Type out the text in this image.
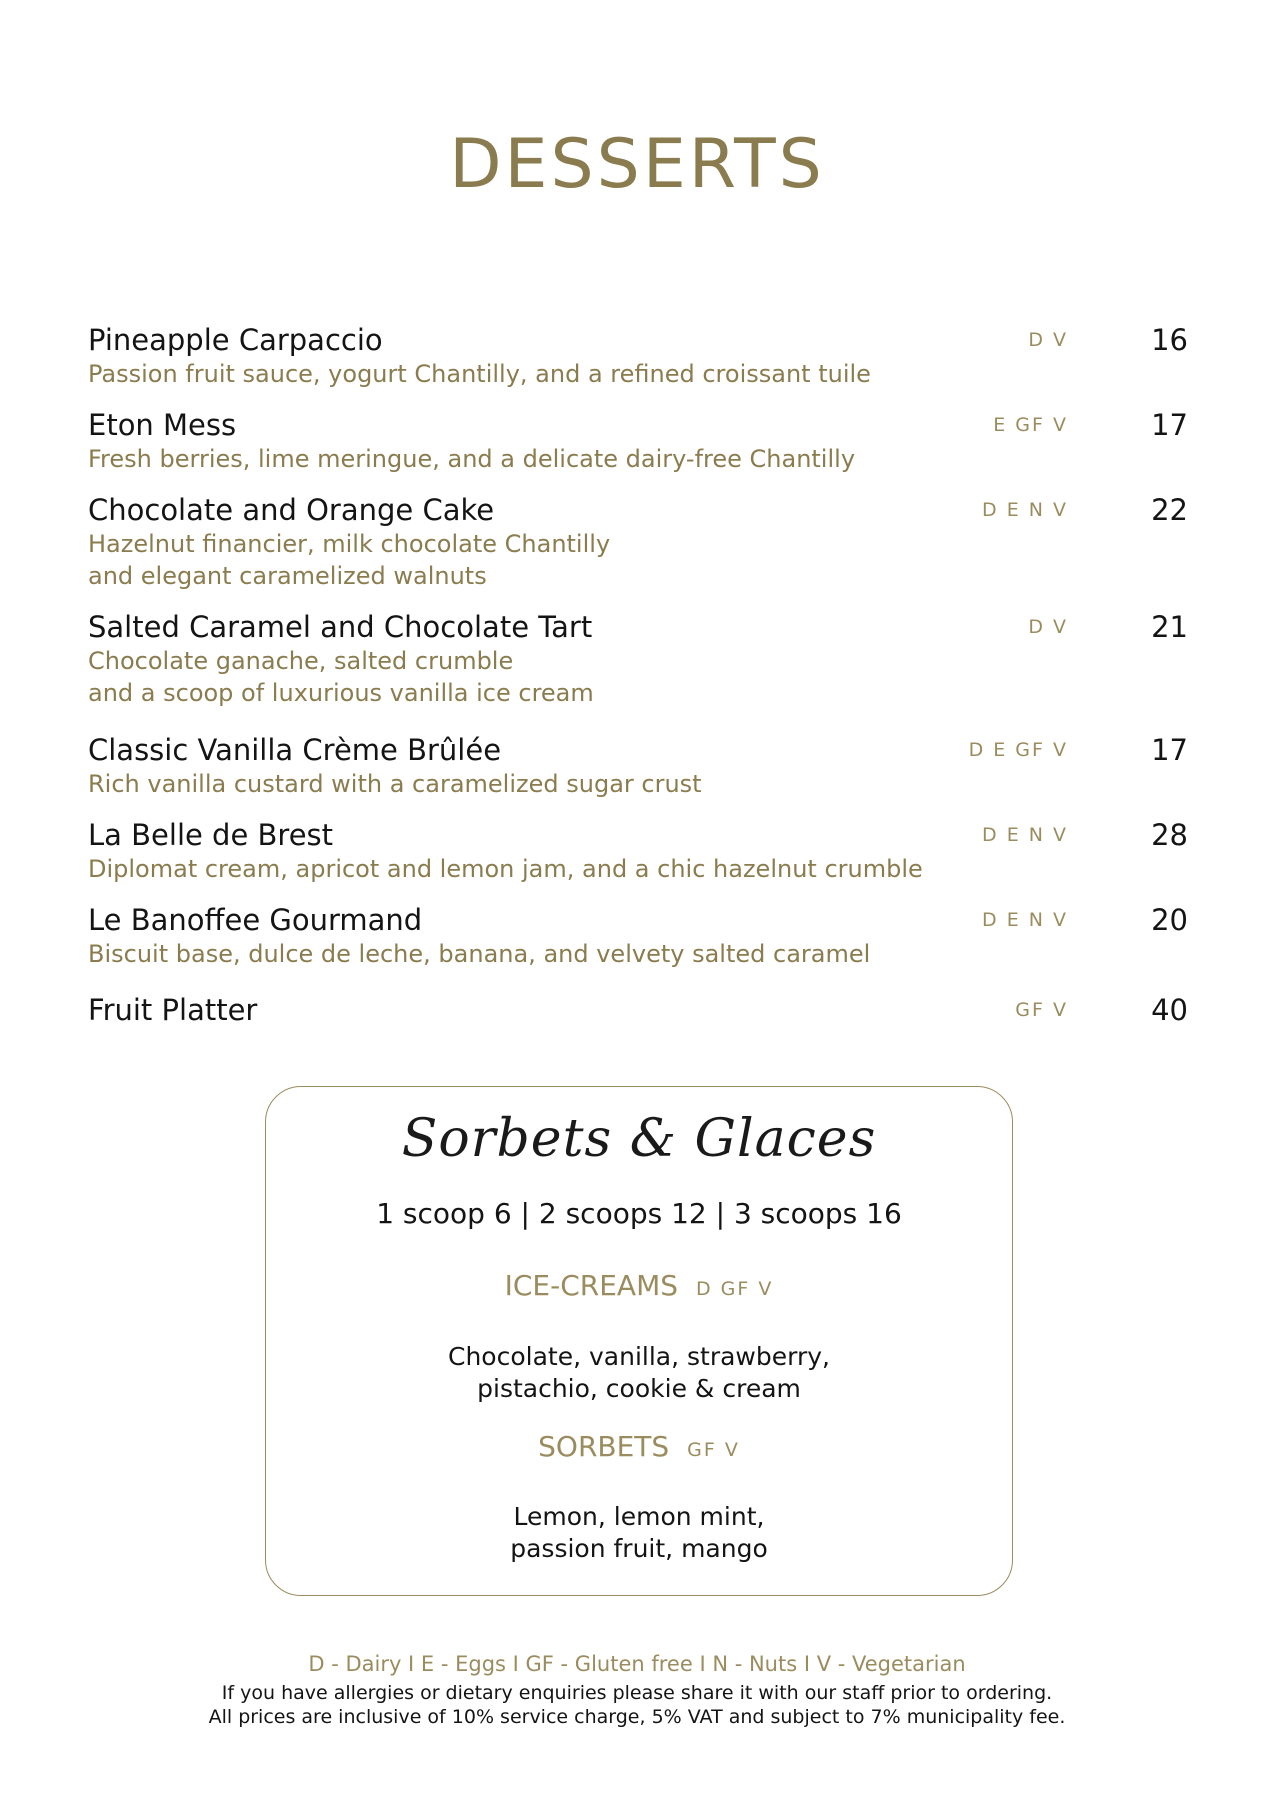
DESSERTS
Pineapple Carpaccio
Passion fruit sauce, yogurt Chantilly, and a refined croissant tuile
D V	16
Eton Mess
Fresh berries, lime meringue, and a delicate dairy-free Chantilly
E GF V	17
Chocolate and Orange Cake
Hazelnut financier, milk chocolate Chantilly
and elegant caramelized walnuts
D E N V	22
Salted Caramel and Chocolate Tart
Chocolate ganache, salted crumble
and a scoop of luxurious vanilla ice cream
D V	21
Classic Vanilla Crème Brûlée
Rich vanilla custard with a caramelized sugar crust
D E GF V	17
La Belle de Brest
Diplomat cream, apricot and lemon jam, and a chic hazelnut crumble
D E N V	28
Le Banoffee Gourmand
Biscuit base, dulce de leche, banana, and velvety salted caramel
D E N V	20
Fruit Platter	GF V	40
Sorbets & Glaces
1 scoop 6 | 2 scoops 12 | 3 scoops 16
ICE-CREAMS D GF V
Chocolate, vanilla, strawberry,
pistachio, cookie & cream
SORBETS GF V
Lemon, lemon mint,
passion fruit, mango
D - Dairy I E - Eggs I GF - Gluten free I N - Nuts I V - Vegetarian
If you have allergies or dietary enquiries please share it with our staff prior to ordering.
All prices are inclusive of 10% service charge, 5% VAT and subject to 7% municipality fee.
